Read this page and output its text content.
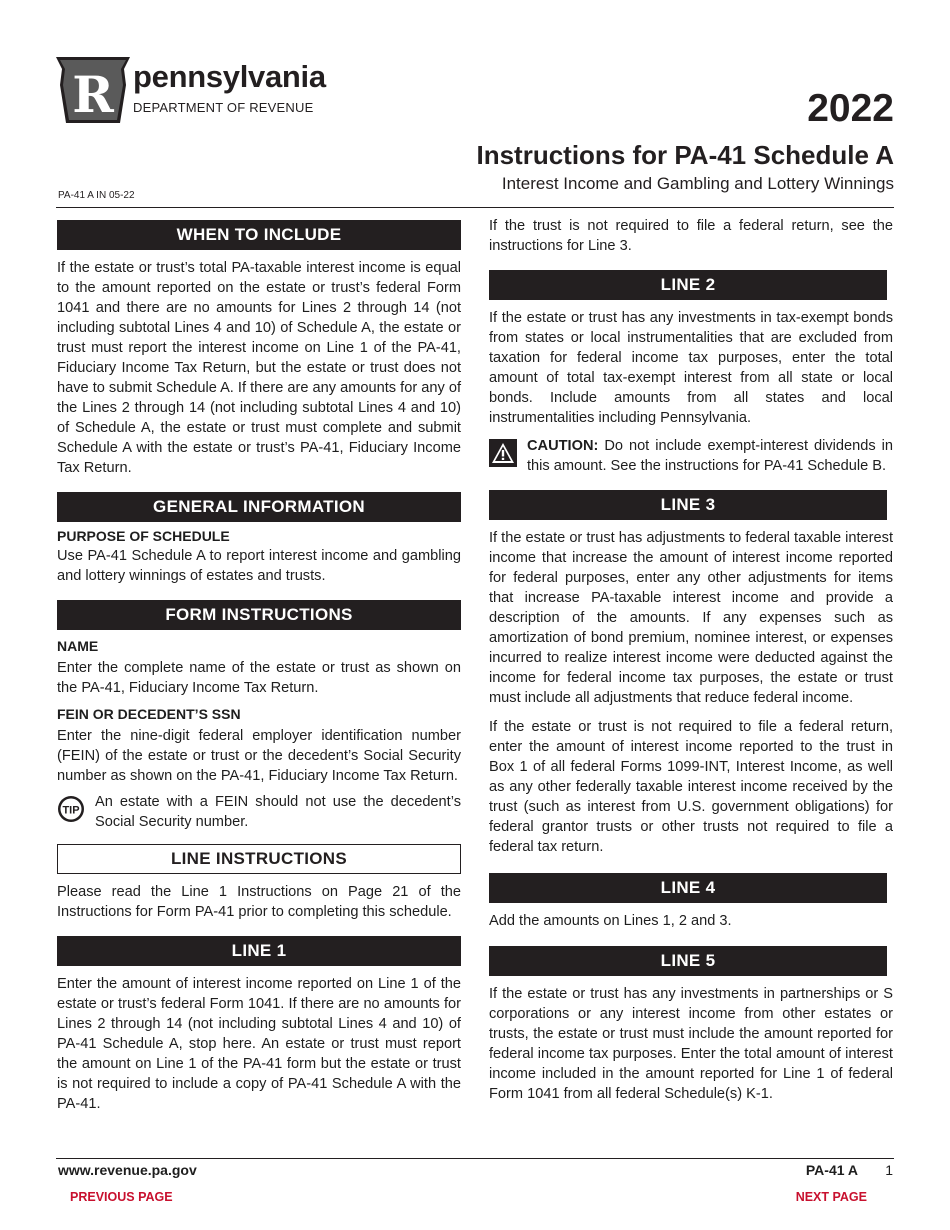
R pennsylvania
DEPARTMENT OF REVENUE	2022
Instructions for PA-41 Schedule A
Interest Income and Gambling and Lottery Winnings
PA-41 A IN 05-22
WHEN TO INCLUDE

If the estate or trust’s total PA-taxable interest income is equal to the amount reported on the estate or trust’s federal Form 1041 and there are no amounts for Lines 2 through 14 (not including subtotal Lines 4 and 10) of Schedule A, the estate or trust must report the interest income on Line 1 of the PA-41, Fiduciary Income Tax Return, but the estate or trust does not have to submit Schedule A. If there are any amounts for any of the Lines 2 through 14 (not including subtotal Lines 4 and 10) of Schedule A, the estate or trust must complete and submit Schedule A with the estate or trust’s PA-41, Fiduciary Income Tax Return.

GENERAL INFORMATION

PURPOSE OF SCHEDULE

Use PA-41 Schedule A to report interest income and gambling and lottery winnings of estates and trusts.

FORM INSTRUCTIONS

NAME

Enter the complete name of the estate or trust as shown on the PA-41, Fiduciary Income Tax Return.

FEIN OR DECEDENT’S SSN

Enter the nine-digit federal employer identification number (FEIN) of the estate or trust or the decedent’s Social Security number as shown on the PA-41, Fiduciary Income Tax Return.

TIP

An estate with a FEIN should not use the decedent’s Social Security number.

LINE INSTRUCTIONS

Please read the Line 1 Instructions on Page 21 of the Instructions for Form PA-41 prior to completing this schedule.

LINE 1

Enter the amount of interest income reported on Line 1 of the estate or trust’s federal Form 1041. If there are no amounts for Lines 2 through 14 (not including subtotal Lines 4 and 10) of PA-41 Schedule A, stop here. An estate or trust must report the amount on Line 1 of the PA-41 form but the estate or trust is not required to include a copy of PA-41 Schedule A with the PA-41.

If the trust is not required to file a federal return, see the instructions for Line 3.

LINE 2

If the estate or trust has any investments in tax-exempt bonds from states or local instrumentalities that are excluded from taxation for federal income tax purposes, enter the total amount of total tax-exempt interest from all state or local bonds. Include amounts from all states and local instrumentalities including Pennsylvania.

CAUTION: Do not include exempt-interest dividends in this amount. See the instructions for PA-41 Schedule B.

LINE 3

If the estate or trust has adjustments to federal taxable interest income that increase the amount of interest income reported for federal purposes, enter any other adjustments for items that increase PA-taxable interest income and provide a description of the amounts. If any expenses such as amortization of bond premium, nominee interest, or expenses incurred to realize interest income were deducted against the income for federal income tax purposes, the estate or trust must include all adjustments that reduce federal income.

If the estate or trust is not required to file a federal return, enter the amount of interest income reported to the trust in Box 1 of all federal Forms 1099-INT, Interest Income, as well as any other federally taxable interest income received by the trust (such as interest from U.S. government obligations) for federal grantor trusts or other trusts not required to file a federal tax return.

LINE 4

Add the amounts on Lines 1, 2 and 3.

LINE 5

If the estate or trust has any investments in partnerships or S corporations or any interest income from other estates or trusts, the estate or trust must include the amount reported for federal income tax purposes. Enter the total amount of interest income included in the amount reported for Line 1 of federal Form 1041 from all federal Schedule(s) K-1.

www.revenue.pa.gov	PA-41 A 1
PREVIOUS PAGE	NEXT PAGE
